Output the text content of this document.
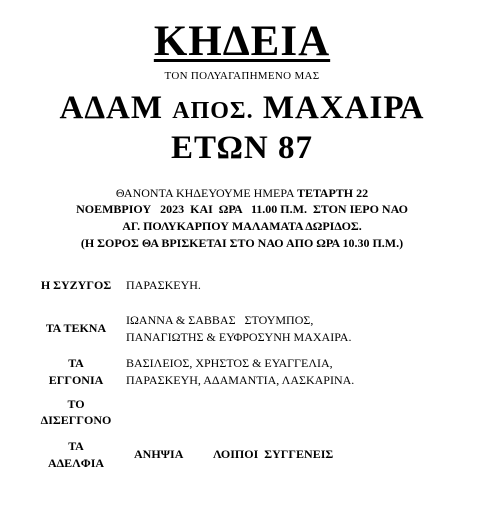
ΚΗΔΕΙΑ
ΤΟΝ ΠΟΛΥΑΓΑΠΗΜΕΝΟ ΜΑΣ
ΑΔΑΜ ΑΠΟΣ. ΜΑΧΑΙΡΑ
ΕΤΩΝ 87
ΘΑΝΟΝΤΑ ΚΗΔΕΥΟΥΜΕ ΗΜΕΡΑ ΤΕΤΑΡΤΗ 22
ΝΟΕΜΒΡΙΟΥ   2023  ΚΑΙ  ΩΡΑ   11.00 Π.Μ.  ΣΤΟΝ ΙΕΡΟ ΝΑΟ
ΑΓ. ΠΟΛΥΚΑΡΠΟΥ ΜΑΛΑΜΑΤΑ ΔΩΡΙΔΟΣ.
(Η ΣΟΡΟΣ ΘΑ ΒΡΙΣΚΕΤΑΙ ΣΤΟ ΝΑΟ ΑΠΟ ΩΡΑ 10.30 Π.Μ.)
Η ΣΥΖΥΓΟΣ	ΠΑΡΑΣΚΕΥΗ.
ΤΑ ΤΕΚΝΑ
ΙΩΑΝΝΑ & ΣΑΒΒΑΣ   ΣΤΟΥΜΠΟΣ,
ΠΑΝΑΓΙΩΤΗΣ & ΕΥΦΡΟΣΥΝΗ ΜΑΧΑΙΡΑ.
ΤΑ
ΕΓΓΟΝΙΑ
ΒΑΣΙΛΕΙΟΣ, ΧΡΗΣΤΟΣ & ΕΥΑΓΓΕΛΙΑ,
ΠΑΡΑΣΚΕΥΗ, ΑΔΑΜΑΝΤΙΑ, ΛΑΣΚΑΡΙΝΑ.
ΤΟ
ΔΙΣΕΓΓΟΝΟ
ΤΑ
ΑΔΕΛΦΙΑ
ΑΝΗΨΙΑ ΛΟΙΠΟΙ  ΣΥΓΓΕΝΕΙΣ
